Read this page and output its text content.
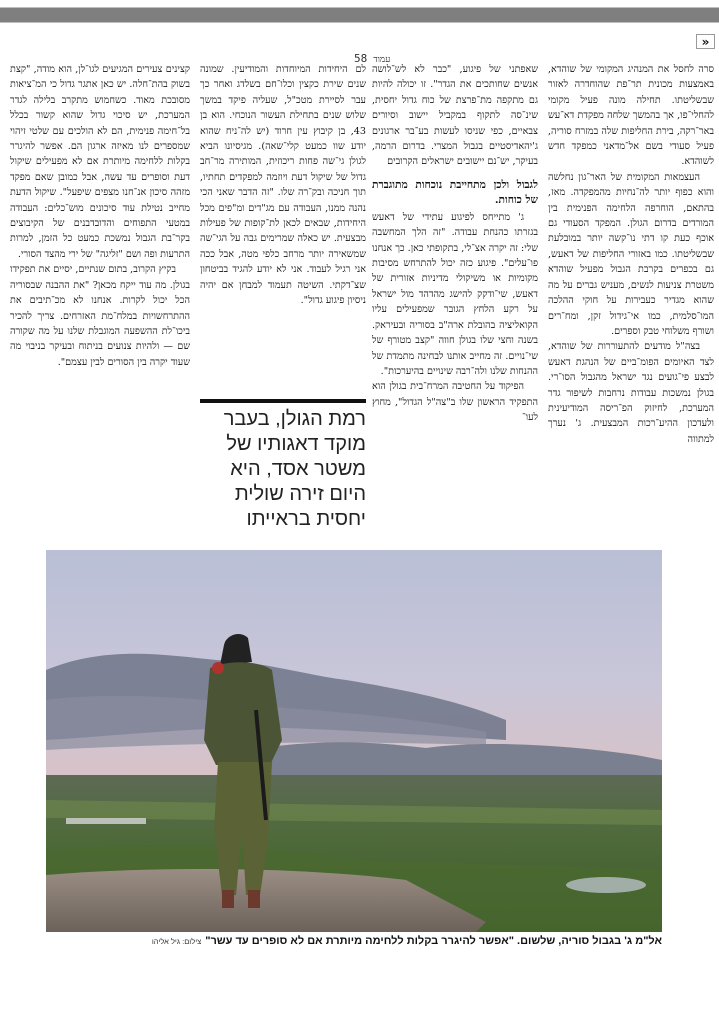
»
58 עמוד

סרה לחסל את המנהיג המקומי של שוהדא, באמצעות מכונית תר־פת שהוחדרה לאזור שבשליטתו. תחילה מונה פעיל מקומי להחלי־פו, אך בהמשך שלחה מפקדת דא־עש באר־רקה, בירת החליפות שלה במזרח סוריה, פעיל סעודי בשם אל־מדאני כמפקד חדש לשוהדא.

העצמאות המקומית של האר־גון נחלשה והוא כפוף יותר לה־נחיות מהמפקדה. מאז, בהתאם, הוחרפה הלחימה הפנימית בין המורדים בדרום הגולן. המפקד הסעודי גם אוכף כעת קו דתי נו־קשה יותר במובלעת שבשליטתו. כמו באזורי החליפות של דאעש, גם בכפרים בקרבת הגבול מפעיל שוהדא משטרת צניעות לנשים, מעניש גברים על מה שהוא מגדיר כעבירות על חוקי ההלכה המו־סלמית, כמו אי־גידול זקן, ומח־רים ושורף משלוחי טבק וספרים.

בצה"ל מודעים להתעוררות של שוהדא, לצד האיומים הפומ־ביים של הנהגת דאעש לבצע פי־גועים נגד ישראל מהגבול הסו־רי. בגולן נמשכות עבודות נרחבות לשיפור גדר המערכת, לחיזוק הפ־ריסה המודיעינית ולעדכון ההיע־רכות המבצעית. ג' נערך למתווה

שאפתני של פיגוע, "כבר לא לש־לושה אנשים שחותכים את הגדר". זו יכולה להיות גם מתקפה מת־פרצת של כוח גדול יחסית, שינ־סה לתקוף במקביל יישוב וסיורים צבאיים, כפי שניסו לעשות בע־בר ארגונים ג'יהאדיסטיים בגבול המצרי. בדרום הרמה, בעיקר, יש־נם יישובים ישראלים הקרובים

לגבול ולכן מתחייבת נוכחות מתוגברת של כוחות.

ג' מתייחס לפיגוע עתידי של דאעש בגזרתו כהנחת עבודה. "זה הלך המחשבה שלי: זה יקרה אצ־לי, בתקופתי כאן. כך אנחנו פו־עלים". פיגוע כזה יכול להתרחש מסיבות מקומיות או משיקולי מדיניות אזורית של דאעש, שי־ודקק להישג מהדהד מול ישראל על רקע הלחץ הגובר שמפעילים עליו הקואליציה בהובלת ארה"ב בסוריה ובעיראק. בשנה וחצי שלו בגולן חווה "קצב מטורף של שי־נויים. זה מחייב אותנו לבחינה מתמדת של ההנחות שלנו ולה־רבה שינויים בהיערכות".

הפיקוד על החטיבה המרח־בית בגולן הוא התפקיד הראשון שלו ב"צה"ל הגדול", מחוץ לעו־

לם היחידות המיוחדות והמודיעין. שמונה שנים שירת כקצין וכלו־חם בשלדג ואחר כך עבר לסיירת מטכ"ל, שעליה פיקד במשך שלוש שנים בתחילת העשור הנוכחי. הוא בן 43, בן קיבוץ עין חרוד (יש לה־ניח שהוא יודע שוו כמעט קלי־שאה). מגיסיונו הביא לגולן גי־שה פחות ריכוזית, המותירה מר־חב גדול של שיקול דעת ויוזמה למפקדים תחתיו, תוך חניכה ובק־רה שלו. "זה הדבר שאני הכי נהנה ממנו, העבודה עם מג"דים ומ"פים מכל היחידות, שבאים לכאן לת־קופות של פעילות מבצעית. יש כאלה שמרימים גבה על הגי־שה שמשאירה יותר מרחב כלפי מטה, אבל ככה אני רגיל לעבוד. אני לא יודע להגיד בביטחון שצ־דקתי. השיטה תעמוד למבחן אם יהיה ניסיון פיגוע גדול".

רמת הגולן, בעבר מוקד דאגותיו של משטר אסד, היא היום זירה שולית יחסית בראייתו

קצינים צעירים המגיעים לגו־לן, הוא מודה, "קצת בשוק בהת־חלה. יש כאן אתגר גדול כי המ־ציאות מסובכת מאוד. כשחמוש מתקרב בלילה לגדר המערכת, יש סיכוי גדול שהוא קשור בכלל בל־חימה פנימית, הם לא הולכים עם שלטי זיהוי שמספרים לנו מאיזה ארגון הם. אפשר להיגרר בקלות ללחימה מיותרת אם לא מפעילים שיקול דעת וסופרים עד עשה, אבל כמובן שאם מפקד מזהה סיכון אנ־חנו מצפים שיפעל". שיקול הדעת מחייב נטילת עוד סיכונים מוש־כלים: העבודה במטעי התפוחים והדובדבנים של הקיבוצים בקר־בת הגבול נמשכת כמעט כל הזמן, למרות התרעות ופה ושם "זליגה" של ירי מהצד הסורי.

בקיץ הקרוב, בתום שנתיים, יסיים את תפקידו בגולן. מה עוד ייקח מכאן? "את ההבנה שבסוריה הכל יכול לקרות. אנחנו לא מכ־תיבים את ההתרחשויות במלח־מת האזרחים. צריך להכיר ביכו־לת ההשפעה המוגבלת שלנו על מה שקורה שם — ולהיות צנועים בניתוח ובעיקר בניבוי מה שעוד יקרה בין הסורים לבין עצמם".

אל"מ ג' בגבול סוריה, שלשום. "אפשר להיגרר בקלות ללחימה מיותרת אם לא סופרים עד עשר"צילום: גיל אליהו
